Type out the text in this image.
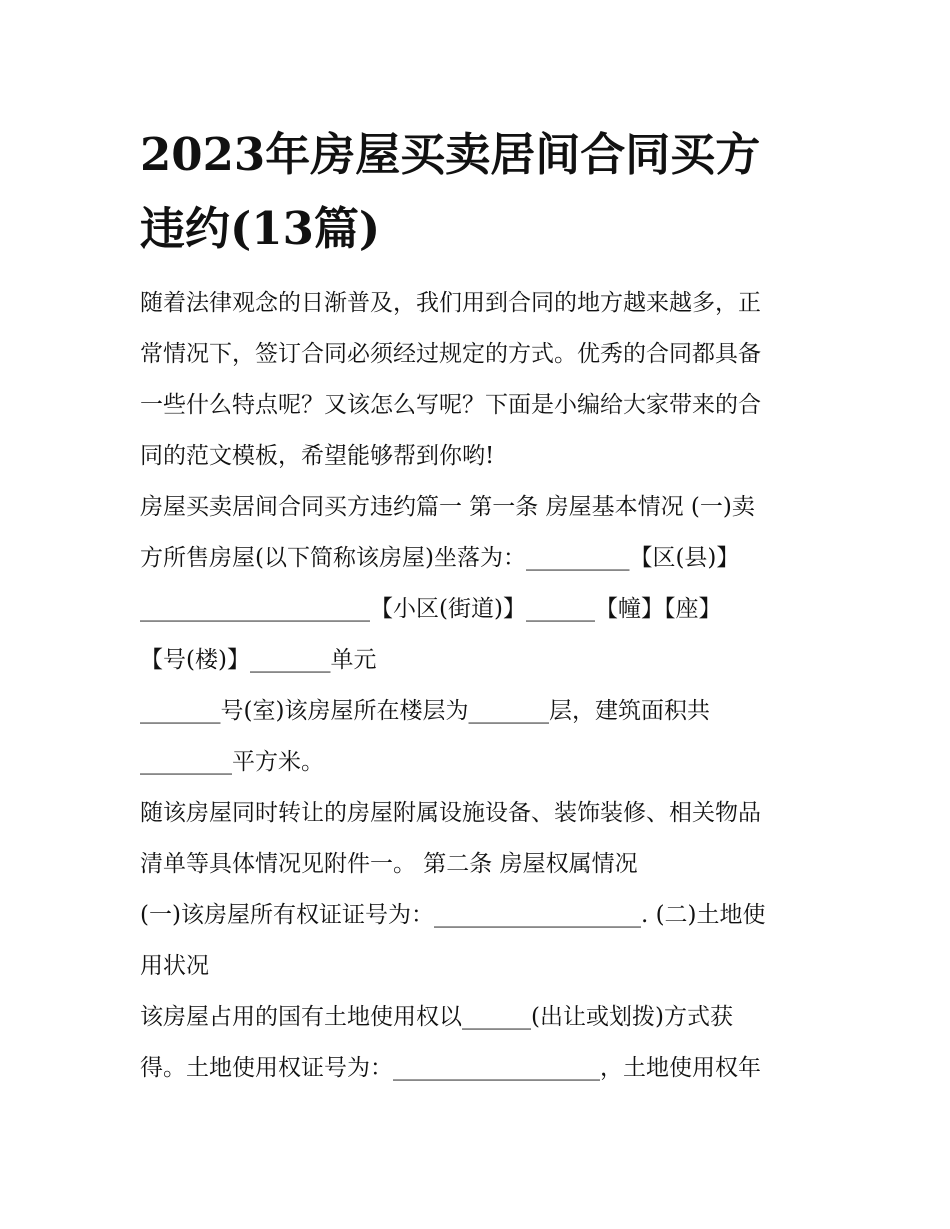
2023年房屋买卖居间合同买方
违约(13篇)
随着法律观念的日渐普及，我们用到合同的地方越来越多，正
常情况下，签订合同必须经过规定的方式。优秀的合同都具备
一些什么特点呢？又该怎么写呢？下面是小编给大家带来的合
同的范文模板，希望能够帮到你哟!
房屋买卖居间合同买方违约篇一 第一条 房屋基本情况 (一)卖
方所售房屋(以下简称该房屋)坐落为：_________【区(县)】
____________________【小区(街道)】______【幢】【座】
【号(楼)】_______单元
_______号(室)该房屋所在楼层为_______层，建筑面积共
________平方米。
随该房屋同时转让的房屋附属设施设备、装饰装修、相关物品
清单等具体情况见附件一。 第二条 房屋权属情况
(一)该房屋所有权证证号为：__________________. (二)土地使
用状况
该房屋占用的国有土地使用权以______(出让或划拨)方式获
得。土地使用权证号为：__________________，土地使用权年
